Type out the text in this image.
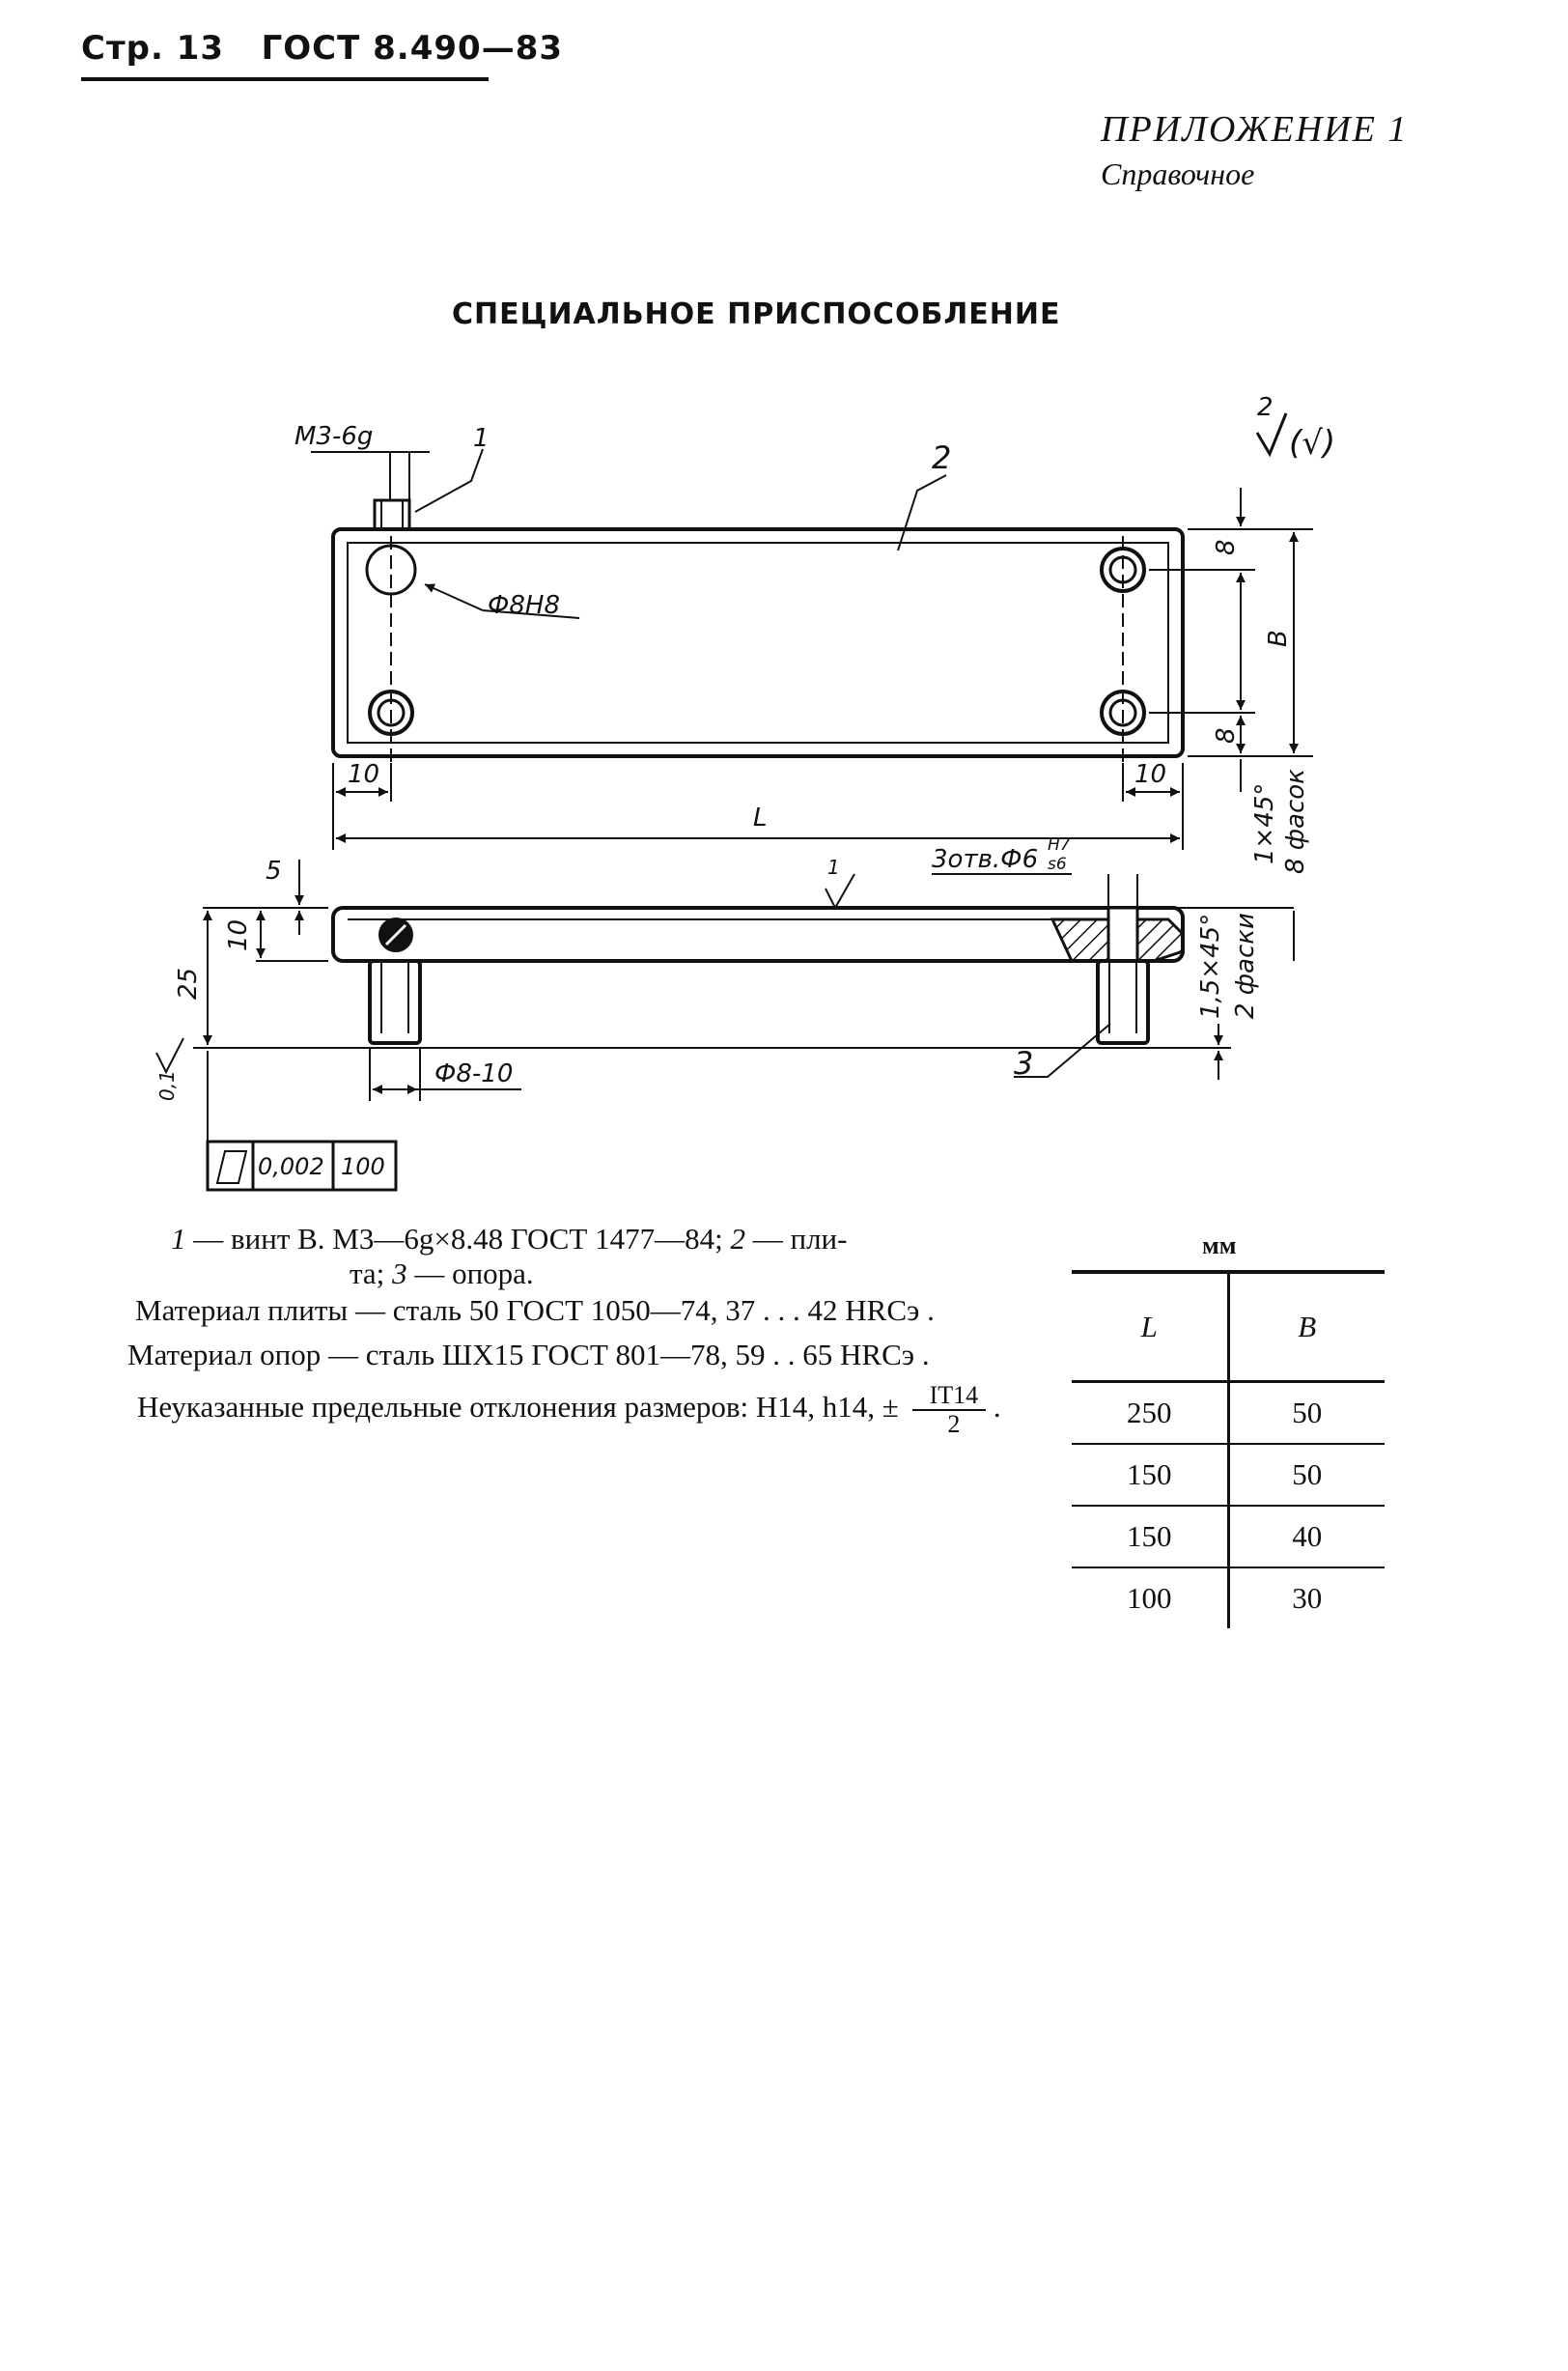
Стр. 13 ГОСТ 8.490—83
ПРИЛОЖЕНИЕ 1
Справочное
СПЕЦИАЛЬНОЕ ПРИСПОСОБЛЕНИЕ
М3-6g	1
2
Ф8Н8
10	10
L
8
B
8
1×45° 8 фасок
3отв.Ф6 H7
s6
1
5
10
25	1,5×45° 2 фаски
Ф8-10	3
2
(√)
0,1
0,002 100

1 — винт В. М3—6g×8.48 ГОСТ 1477—84; 2 — пли-

та; 3 — опора.

Материал плиты — сталь 50 ГОСТ 1050—74, 37 . . . 42 HRCэ .

Материал опор — сталь ШХ15 ГОСТ 801—78, 59 . . 65 HRCэ .

Неуказанные предельные отклонения размеров: H14, h14, ± $\frac{IT14}{2}$ .

мм
L	B
250	50
150	50
150	40
100	30
